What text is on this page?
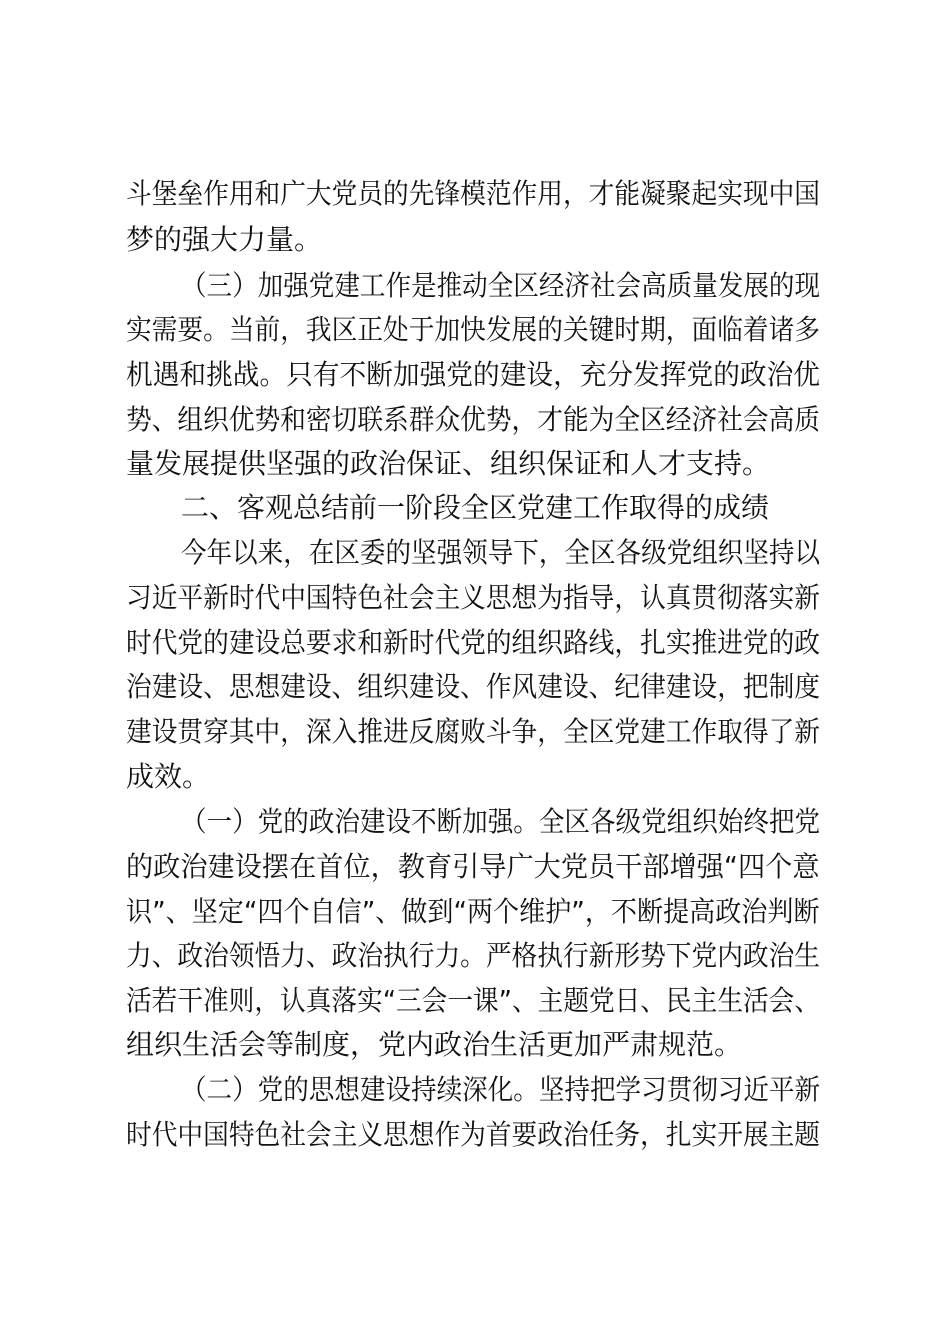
斗堡垒作用和广大党员的先锋模范作用，才能凝聚起实现中国
梦的强大力量。
（三）加强党建工作是推动全区经济社会高质量发展的现
实需要。当前，我区正处于加快发展的关键时期，面临着诸多
机遇和挑战。只有不断加强党的建设，充分发挥党的政治优
势、组织优势和密切联系群众优势，才能为全区经济社会高质
量发展提供坚强的政治保证、组织保证和人才支持。
二、客观总结前一阶段全区党建工作取得的成绩
今年以来，在区委的坚强领导下，全区各级党组织坚持以
习近平新时代中国特色社会主义思想为指导，认真贯彻落实新
时代党的建设总要求和新时代党的组织路线，扎实推进党的政
治建设、思想建设、组织建设、作风建设、纪律建设，把制度
建设贯穿其中，深入推进反腐败斗争，全区党建工作取得了新
成效。
（一）党的政治建设不断加强。全区各级党组织始终把党
的政治建设摆在首位，教育引导广大党员干部增强“四个意
识”、坚定“四个自信”、做到“两个维护”，不断提高政治判断
力、政治领悟力、政治执行力。严格执行新形势下党内政治生
活若干准则，认真落实“三会一课”、主题党日、民主生活会、
组织生活会等制度，党内政治生活更加严肃规范。
（二）党的思想建设持续深化。坚持把学习贯彻习近平新
时代中国特色社会主义思想作为首要政治任务，扎实开展主题
